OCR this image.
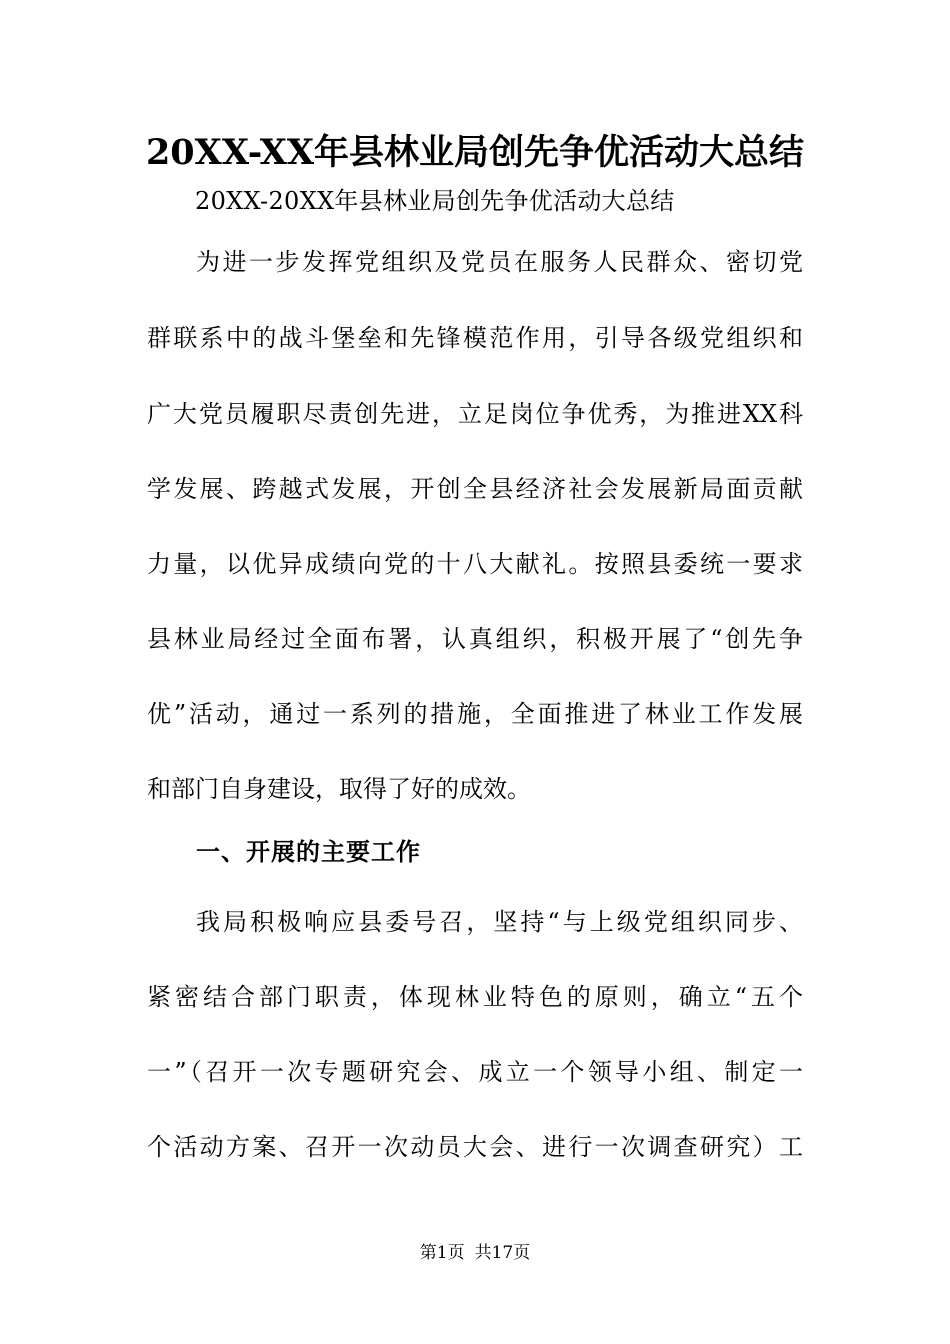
20XX-XX年县林业局创先争优活动大总结
20XX-20XX年县林业局创先争优活动大总结
为进一步发挥党组织及党员在服务人民群众、密切党
群联系中的战斗堡垒和先锋模范作用，引导各级党组织和
广大党员履职尽责创先进，立足岗位争优秀，为推进XX科
学发展、跨越式发展，开创全县经济社会发展新局面贡献
力量，以优异成绩向党的十八大献礼。按照县委统一要求
县林业局经过全面布署，认真组织，积极开展了“创先争
优”活动，通过一系列的措施，全面推进了林业工作发展
和部门自身建设，取得了好的成效。
一、开展的主要工作
我局积极响应县委号召，坚持“与上级党组织同步、
紧密结合部门职责，体现林业特色的原则，确立“五个
一”（召开一次专题研究会、成立一个领导小组、制定一
个活动方案、召开一次动员大会、进行一次调查研究）工
第1页 共17页
